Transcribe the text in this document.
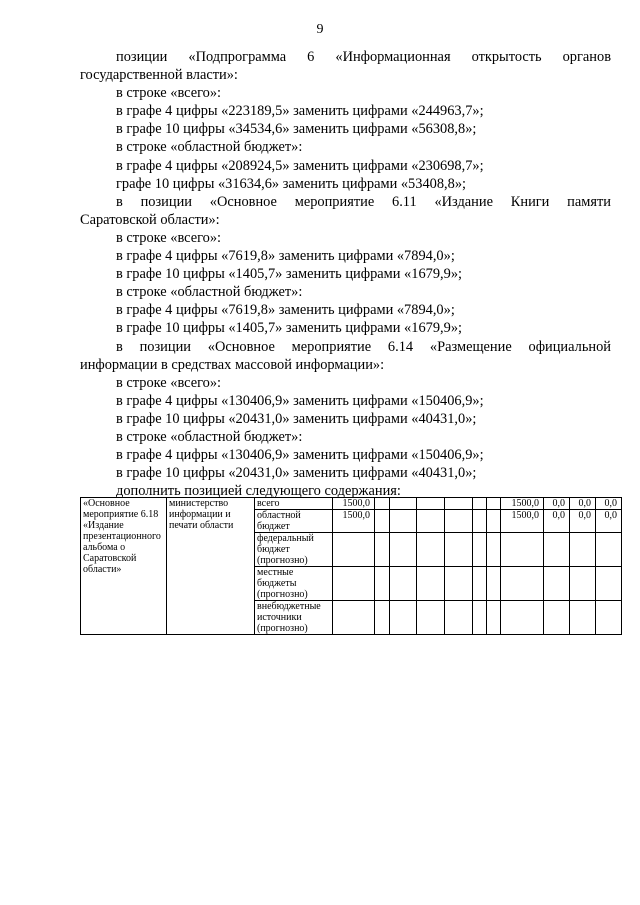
9
позиции «Подпрограмма 6 «Информационная открытость органов
государственной власти»:
в строке «всего»:
в графе 4 цифры «223189,5» заменить цифрами «244963,7»;
в графе 10 цифры «34534,6» заменить цифрами «56308,8»;
в строке «областной бюджет»:
в графе 4 цифры «208924,5» заменить цифрами «230698,7»;
графе 10 цифры «31634,6» заменить цифрами «53408,8»;
в позиции «Основное мероприятие 6.11 «Издание Книги памяти
Саратовской области»:
в строке «всего»:
в графе 4 цифры «7619,8» заменить цифрами «7894,0»;
в графе 10 цифры «1405,7» заменить цифрами «1679,9»;
в строке «областной бюджет»:
в графе 4 цифры «7619,8» заменить цифрами «7894,0»;
в графе 10 цифры «1405,7» заменить цифрами «1679,9»;
в позиции «Основное мероприятие 6.14 «Размещение официальной
информации в средствах массовой информации»:
в строке «всего»:
в графе 4 цифры «130406,9» заменить цифрами «150406,9»;
в графе 10 цифры «20431,0» заменить цифрами «40431,0»;
в строке «областной бюджет»:
в графе 4 цифры «130406,9» заменить цифрами «150406,9»;
в графе 10 цифры «20431,0» заменить цифрами «40431,0»;
дополнить позицией следующего содержания:
«Основное мероприятие 6.18 «Издание презентационного альбома о Саратовской области»	министерство информации и печати области	всего	1500,0							1500,0	0,0	0,0	0,0	
		областной бюджет	1500,0							1500,0	0,0	0,0	0,0	
		федеральный бюджет (прогнозно)												
		местные бюджеты (прогнозно)												
		внебюджетные источники (прогнозно)												
